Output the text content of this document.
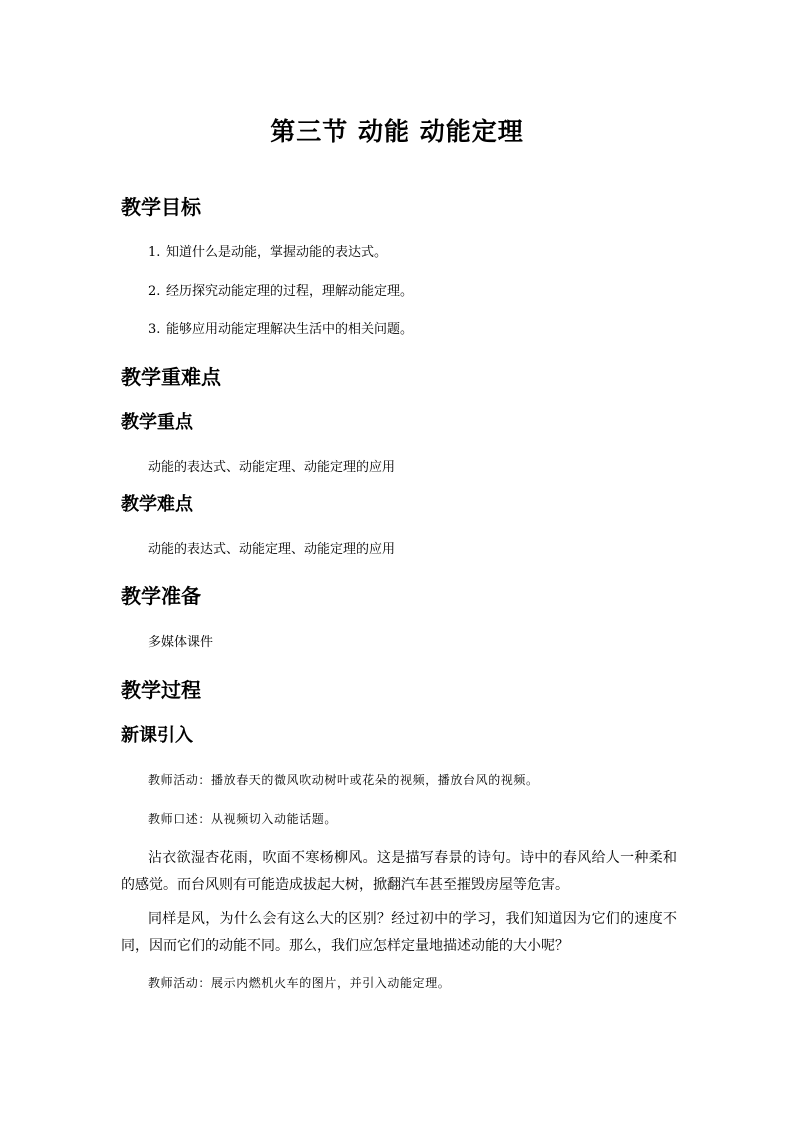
第三节 动能 动能定理
教学目标
1. 知道什么是动能，掌握动能的表达式。
2. 经历探究动能定理的过程，理解动能定理。
3. 能够应用动能定理解决生活中的相关问题。
教学重难点
教学重点
动能的表达式、动能定理、动能定理的应用
教学难点
动能的表达式、动能定理、动能定理的应用
教学准备
多媒体课件
教学过程
新课引入
教师活动：播放春天的微风吹动树叶或花朵的视频，播放台风的视频。
教师口述：从视频切入动能话题。
沾衣欲湿杏花雨，吹面不寒杨柳风。这是描写春景的诗句。诗中的春风给人一种柔和的感觉。而台风则有可能造成拔起大树，掀翻汽车甚至摧毁房屋等危害。
同样是风，为什么会有这么大的区别？经过初中的学习，我们知道因为它们的速度不同，因而它们的动能不同。那么，我们应怎样定量地描述动能的大小呢？
教师活动：展示内燃机火车的图片，并引入动能定理。
